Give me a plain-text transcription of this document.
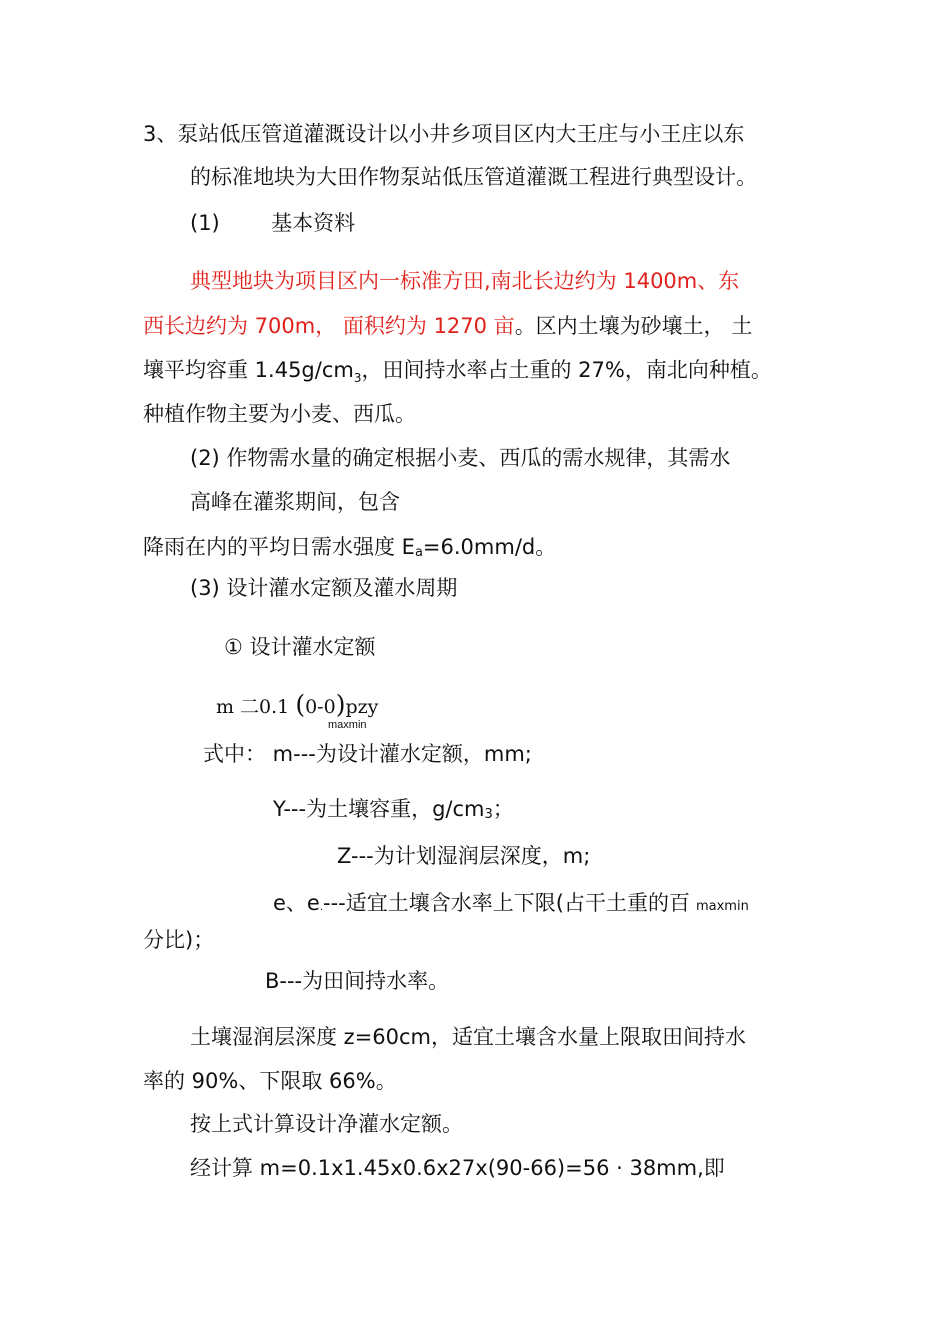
3、泵站低压管道灌溉设计以小井乡项目区内大王庄与小王庄以东
的标准地块为大田作物泵站低压管道灌溉工程进行典型设计。
(1) 基本资料
典型地块为项目区内一标准方田,南北长边约为 1400m、东
西长边约为 700m， 面积约为 1270 亩。区内土壤为砂壤土， 土
壤平均容重 $1.45g/cm_3$，田间持水率占土重的 27%，南北向种植。
种植作物主要为小麦、西瓜。
(2) 作物需水量的确定根据小麦、西瓜的需水规律，其需水
高峰在灌浆期间，包含
降雨在内的平均日需水强度 Ea=6.0mm/d。
(3) 设计灌水定额及灌水周期
① 设计灌水定额
m 二0.1 (0-0)pzy
maxmin
式中： m---为设计灌水定额，mm;
Y---为土壤容重，g/cm3；
Z---为计划湿润层深度，m;
e、e.---适宜土壤含水率上下限(占干土重的百 maxmin
分比)；
B---为田间持水率。
土壤湿润层深度 z=60cm，适宜土壤含水量上限取田间持水
率的 90%、下限取 66%。
按上式计算设计净灌水定额。
经计算 m=0.1x1.45x0.6x27x(90-66)=56 · 38mm,即
